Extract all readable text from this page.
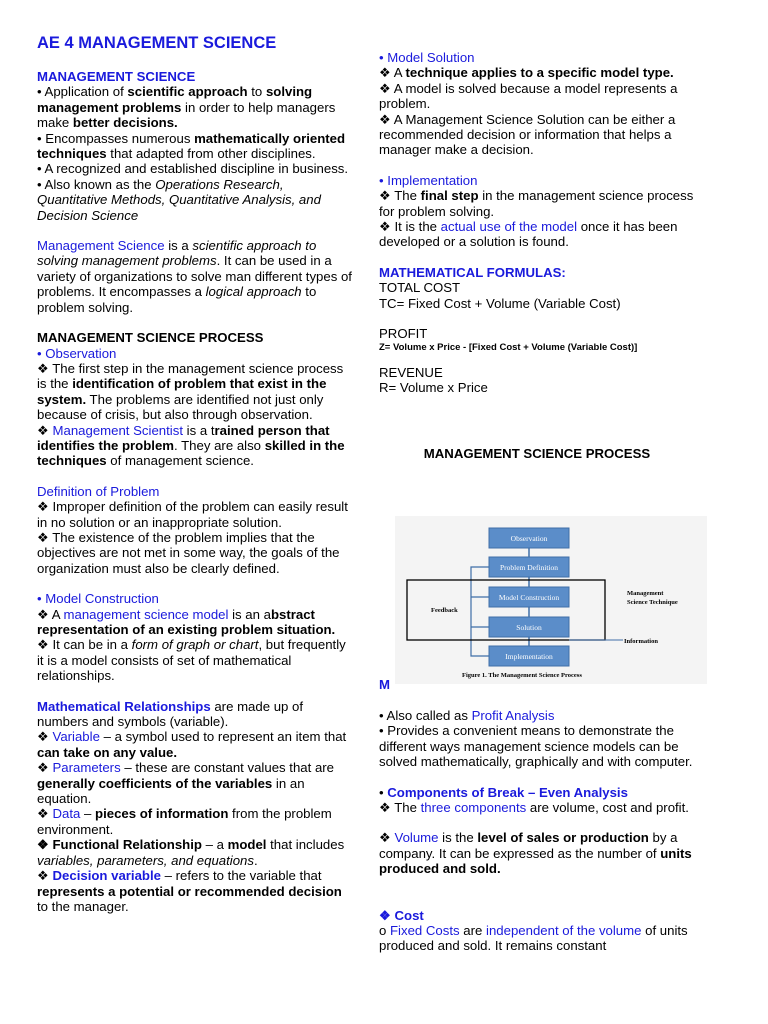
AE 4 MANAGEMENT SCIENCE

MANAGEMENT SCIENCE

• Application of scientific approach to solving management problems in order to help managers make better decisions.

• Encompasses numerous mathematically oriented techniques that adapted from other disciplines.

• A recognized and established discipline in business.

• Also known as the Operations Research, Quantitative Methods, Quantitative Analysis, and Decision Science

Management Science is a scientific approach to solving management problems. It can be used in a variety of organizations to solve man different types of problems. It encompasses a logical approach to problem solving.

MANAGEMENT SCIENCE PROCESS

• Observation

❖ The first step in the management science process is the identification of problem that exist in the system. The problems are identified not just only because of crisis, but also through observation.

❖ Management Scientist is a trained person that identifies the problem. They are also skilled in the techniques of management science.

Definition of Problem

❖ Improper definition of the problem can easily result in no solution or an inappropriate solution.

❖ The existence of the problem implies that the objectives are not met in some way, the goals of the organization must also be clearly defined.

• Model Construction

❖ A management science model is an abstract representation of an existing problem situation.

❖ It can be in a form of graph or chart, but frequently it is a model consists of set of mathematical relationships.

Mathematical Relationships are made up of numbers and symbols (variable).

❖ Variable – a symbol used to represent an item that can take on any value.

❖ Parameters – these are constant values that are generally coefficients of the variables in an equation.

❖ Data – pieces of information from the problem environment.

❖ Functional Relationship – a model that includes variables, parameters, and equations.

❖ Decision variable – refers to the variable that represents a potential or recommended decision to the manager.

• Model Solution

❖ A technique applies to a specific model type.

❖ A model is solved because a model represents a problem.

❖ A Management Science Solution can be either a recommended decision or information that helps a manager make a decision.

• Implementation

❖ The final step in the management science process for problem solving.

❖ It is the actual use of the model once it has been developed or a solution is found.

MATHEMATICAL FORMULAS:

TOTAL COST

TC= Fixed Cost + Volume (Variable Cost)

PROFIT

Z= Volume x Price - [Fixed Cost + Volume (Variable Cost)]

REVENUE

R= Volume x Price

MANAGEMENT SCIENCE PROCESS
Observation
Problem Definition
Model Construction
Solution
Implementation
Feedback
Management
Science Technique
Information
Figure 1. The Management Science Process
M

• Also called as Profit Analysis

• Provides a convenient means to demonstrate the different ways management science models can be solved mathematically, graphically and with computer.

• Components of Break – Even Analysis

❖ The three components are volume, cost and profit.

❖ Volume is the level of sales or production by a company. It can be expressed as the number of units produced and sold.

❖ Cost

o Fixed Costs are independent of the volume of units produced and sold. It remains constant
